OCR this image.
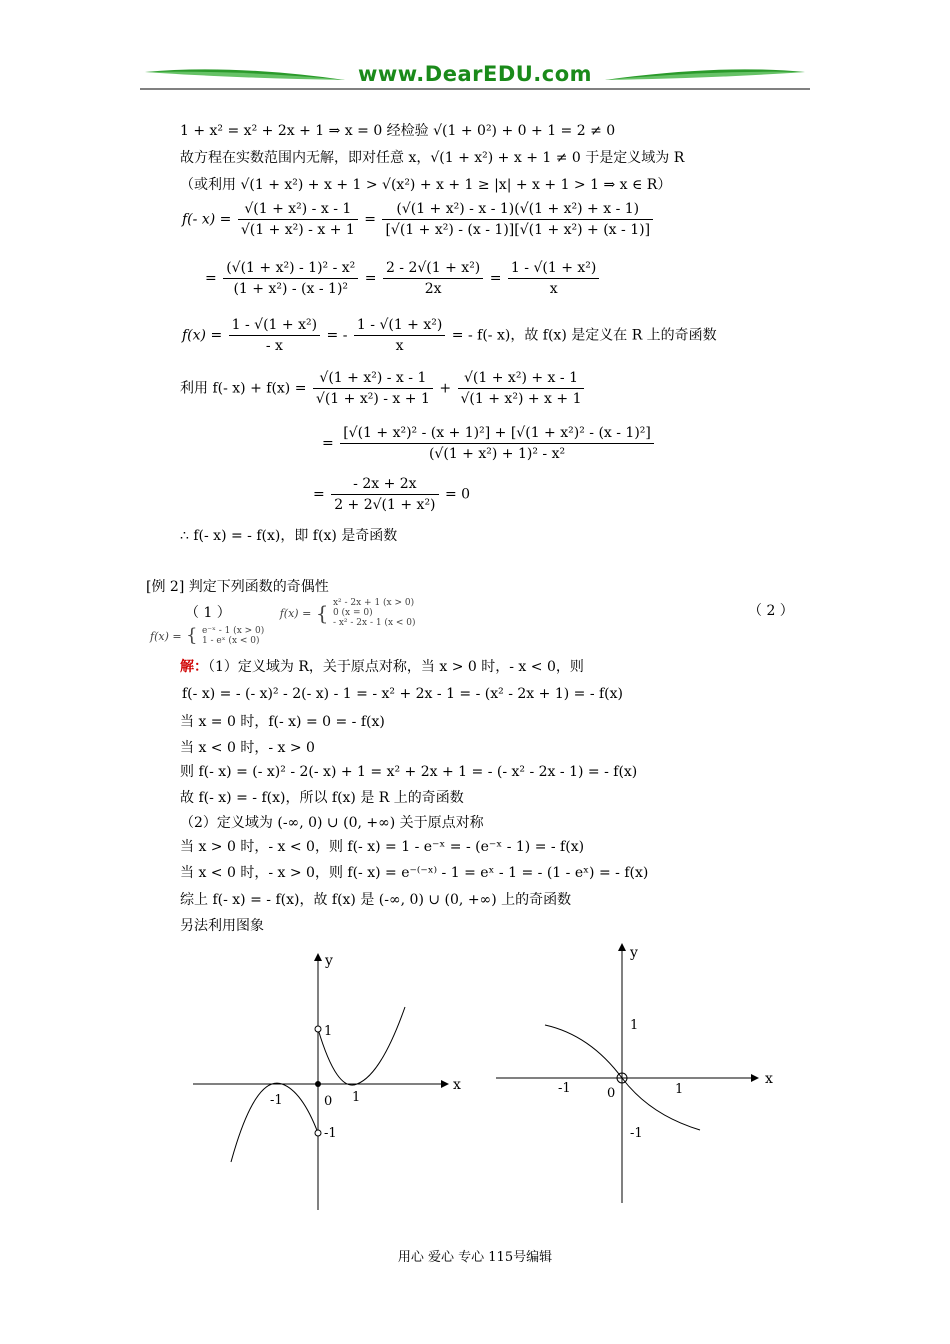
www.DearEDU.com
1 + x² = x² + 2x + 1 ⇒ x = 0 经检验 √(1 + 0²) + 0 + 1 = 2 ≠ 0
故方程在实数范围内无解，即对任意 x，√(1 + x²) + x + 1 ≠ 0 于是定义域为 R
（或利用 √(1 + x²) + x + 1 > √(x²) + x + 1 ≥ |x| + x + 1 > 1 ⇒ x ∈ R）
f(- $x) = \frac{\text{√(1 + x²) - x - 1}}{\text{√(1 + x²) - x + 1}} = \frac{\text{(√(1 + x²) - x - 1)(√(1 + x²) + x - 1)}}{\text{[√(1 + x²) - (x - 1)][√(1 + x²) + (x - 1)]}}$
= $\frac{\text{(√(1 + x²) - 1)² - x²}}{\text{(1 + x²) - (x - 1)²}} = \frac{\text{2 - 2√(1 + x²)}}{2x} = \frac{\text{1 - √(1 + x²)}}{x}$
$f(x) = \frac{\text{1 - √(1 + x²)}}{- x}$ = - $\frac{\text{1 - √(1 + x²)}}{x}$ = - f(- x)，故 f(x) 是定义在 R 上的奇函数
利用 f(- $x) + f(x) = \frac{\text{√(1 + x²) - x - 1}}{\text{√(1 + x²) - x + 1}} + \frac{\text{√(1 + x²) + x - 1}}{\text{√(1 + x²) + x + 1}}$
= $\frac{\text{[√(1 + x²)² - (x + 1)²] + [√(1 + x²)² - (x - 1)²]}}{\text{(√(1 + x²) + 1)² - x²}}$
= $\frac{- 2x + 2x}{\text{2 + 2√(1 + x²)}} = 0$
∴ f(- x) = - f(x)，即 f(x) 是奇函数
[例 2] 判定下列函数的奇偶性
（ 1 ）	f(x) = { x² - 2x + 1 (x > 0)
0 (x = 0)
- x² - 2x - 1 (x < 0)
（ 2 ）
f(x) = { e⁻ˣ - 1 (x > 0)
1 - eˣ (x < 0)
解：（1）定义域为 R，关于原点对称，当 x > 0 时，- x < 0，则
f(- x) = - (- x)² - 2(- x) - 1 = - x² + 2x - 1 = - (x² - 2x + 1) = - f(x)
当 x = 0 时，f(- x) = 0 = - f(x)
当 x < 0 时，- x > 0
则 f(- x) = (- x)² - 2(- x) + 1 = x² + 2x + 1 = - (- x² - 2x - 1) = - f(x)
故 f(- x) = - f(x)，所以 f(x) 是 R 上的奇函数
（2）定义域为 (-∞, 0) ∪ (0, +∞) 关于原点对称
当 x > 0 时，- x < 0，则 f(- x) = 1 - e⁻ˣ = - (e⁻ˣ - 1) = - f(x)
当 x < 0 时，- x > 0，则 f(- x) = e⁻⁽⁻ˣ⁾ - 1 = eˣ - 1 = - (1 - eˣ) = - f(x)
综上 f(- x) = - f(x)，故 f(x) 是 (-∞, 0) ∪ (0, +∞) 上的奇函数
另法利用图象
x
y
0
-1	1
1
-1
x
y
0
-1	1
1
-1
用心 爱心 专心 115号编辑
